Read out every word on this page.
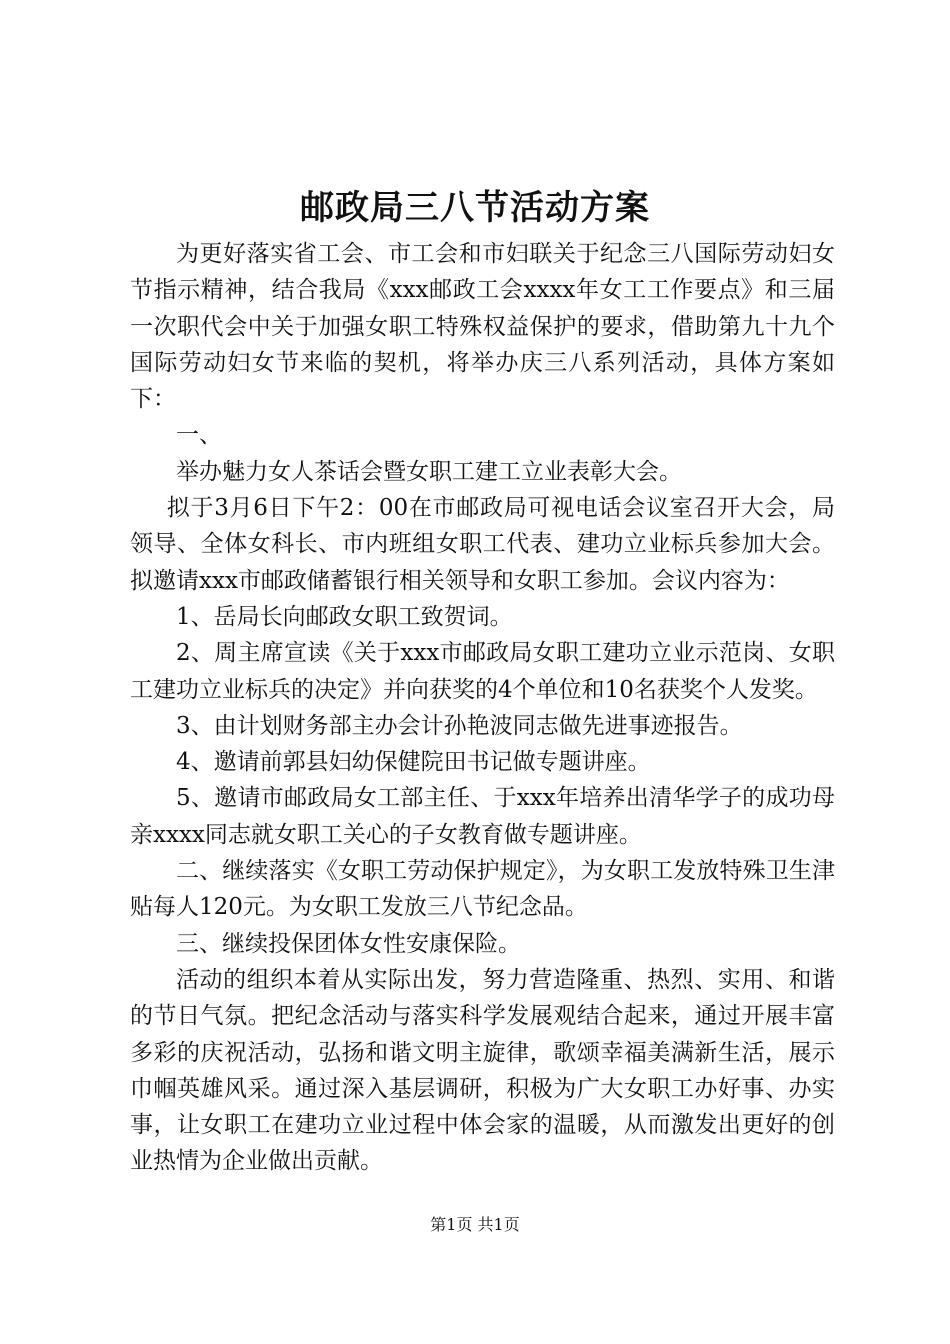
邮政局三八节活动方案

为更好落实省工会、市工会和市妇联关于纪念三八国际劳动妇女节指示精神，结合我局《xxx邮政工会xxxx年女工工作要点》和三届一次职代会中关于加强女职工特殊权益保护的要求，借助第九十九个国际劳动妇女节来临的契机，将举办庆三八系列活动，具体方案如下：

一、

举办魅力女人茶话会暨女职工建工立业表彰大会。

拟于3月6日下午2：00在市邮政局可视电话会议室召开大会，局领导、全体女科长、市内班组女职工代表、建功立业标兵参加大会。拟邀请xxx市邮政储蓄银行相关领导和女职工参加。会议内容为：

1、岳局长向邮政女职工致贺词。

2、周主席宣读《关于xxx市邮政局女职工建功立业示范岗、女职工建功立业标兵的决定》并向获奖的4个单位和10名获奖个人发奖。

3、由计划财务部主办会计孙艳波同志做先进事迹报告。

4、邀请前郭县妇幼保健院田书记做专题讲座。

5、邀请市邮政局女工部主任、于xxx年培养出清华学子的成功母亲xxxx同志就女职工关心的子女教育做专题讲座。

二、继续落实《女职工劳动保护规定》，为女职工发放特殊卫生津贴每人120元。为女职工发放三八节纪念品。

三、继续投保团体女性安康保险。

活动的组织本着从实际出发，努力营造隆重、热烈、实用、和谐的节日气氛。把纪念活动与落实科学发展观结合起来，通过开展丰富多彩的庆祝活动，弘扬和谐文明主旋律，歌颂幸福美满新生活，展示巾帼英雄风采。通过深入基层调研，积极为广大女职工办好事、办实事，让女职工在建功立业过程中体会家的温暖，从而激发出更好的创业热情为企业做出贡献。

第1页 共1页
